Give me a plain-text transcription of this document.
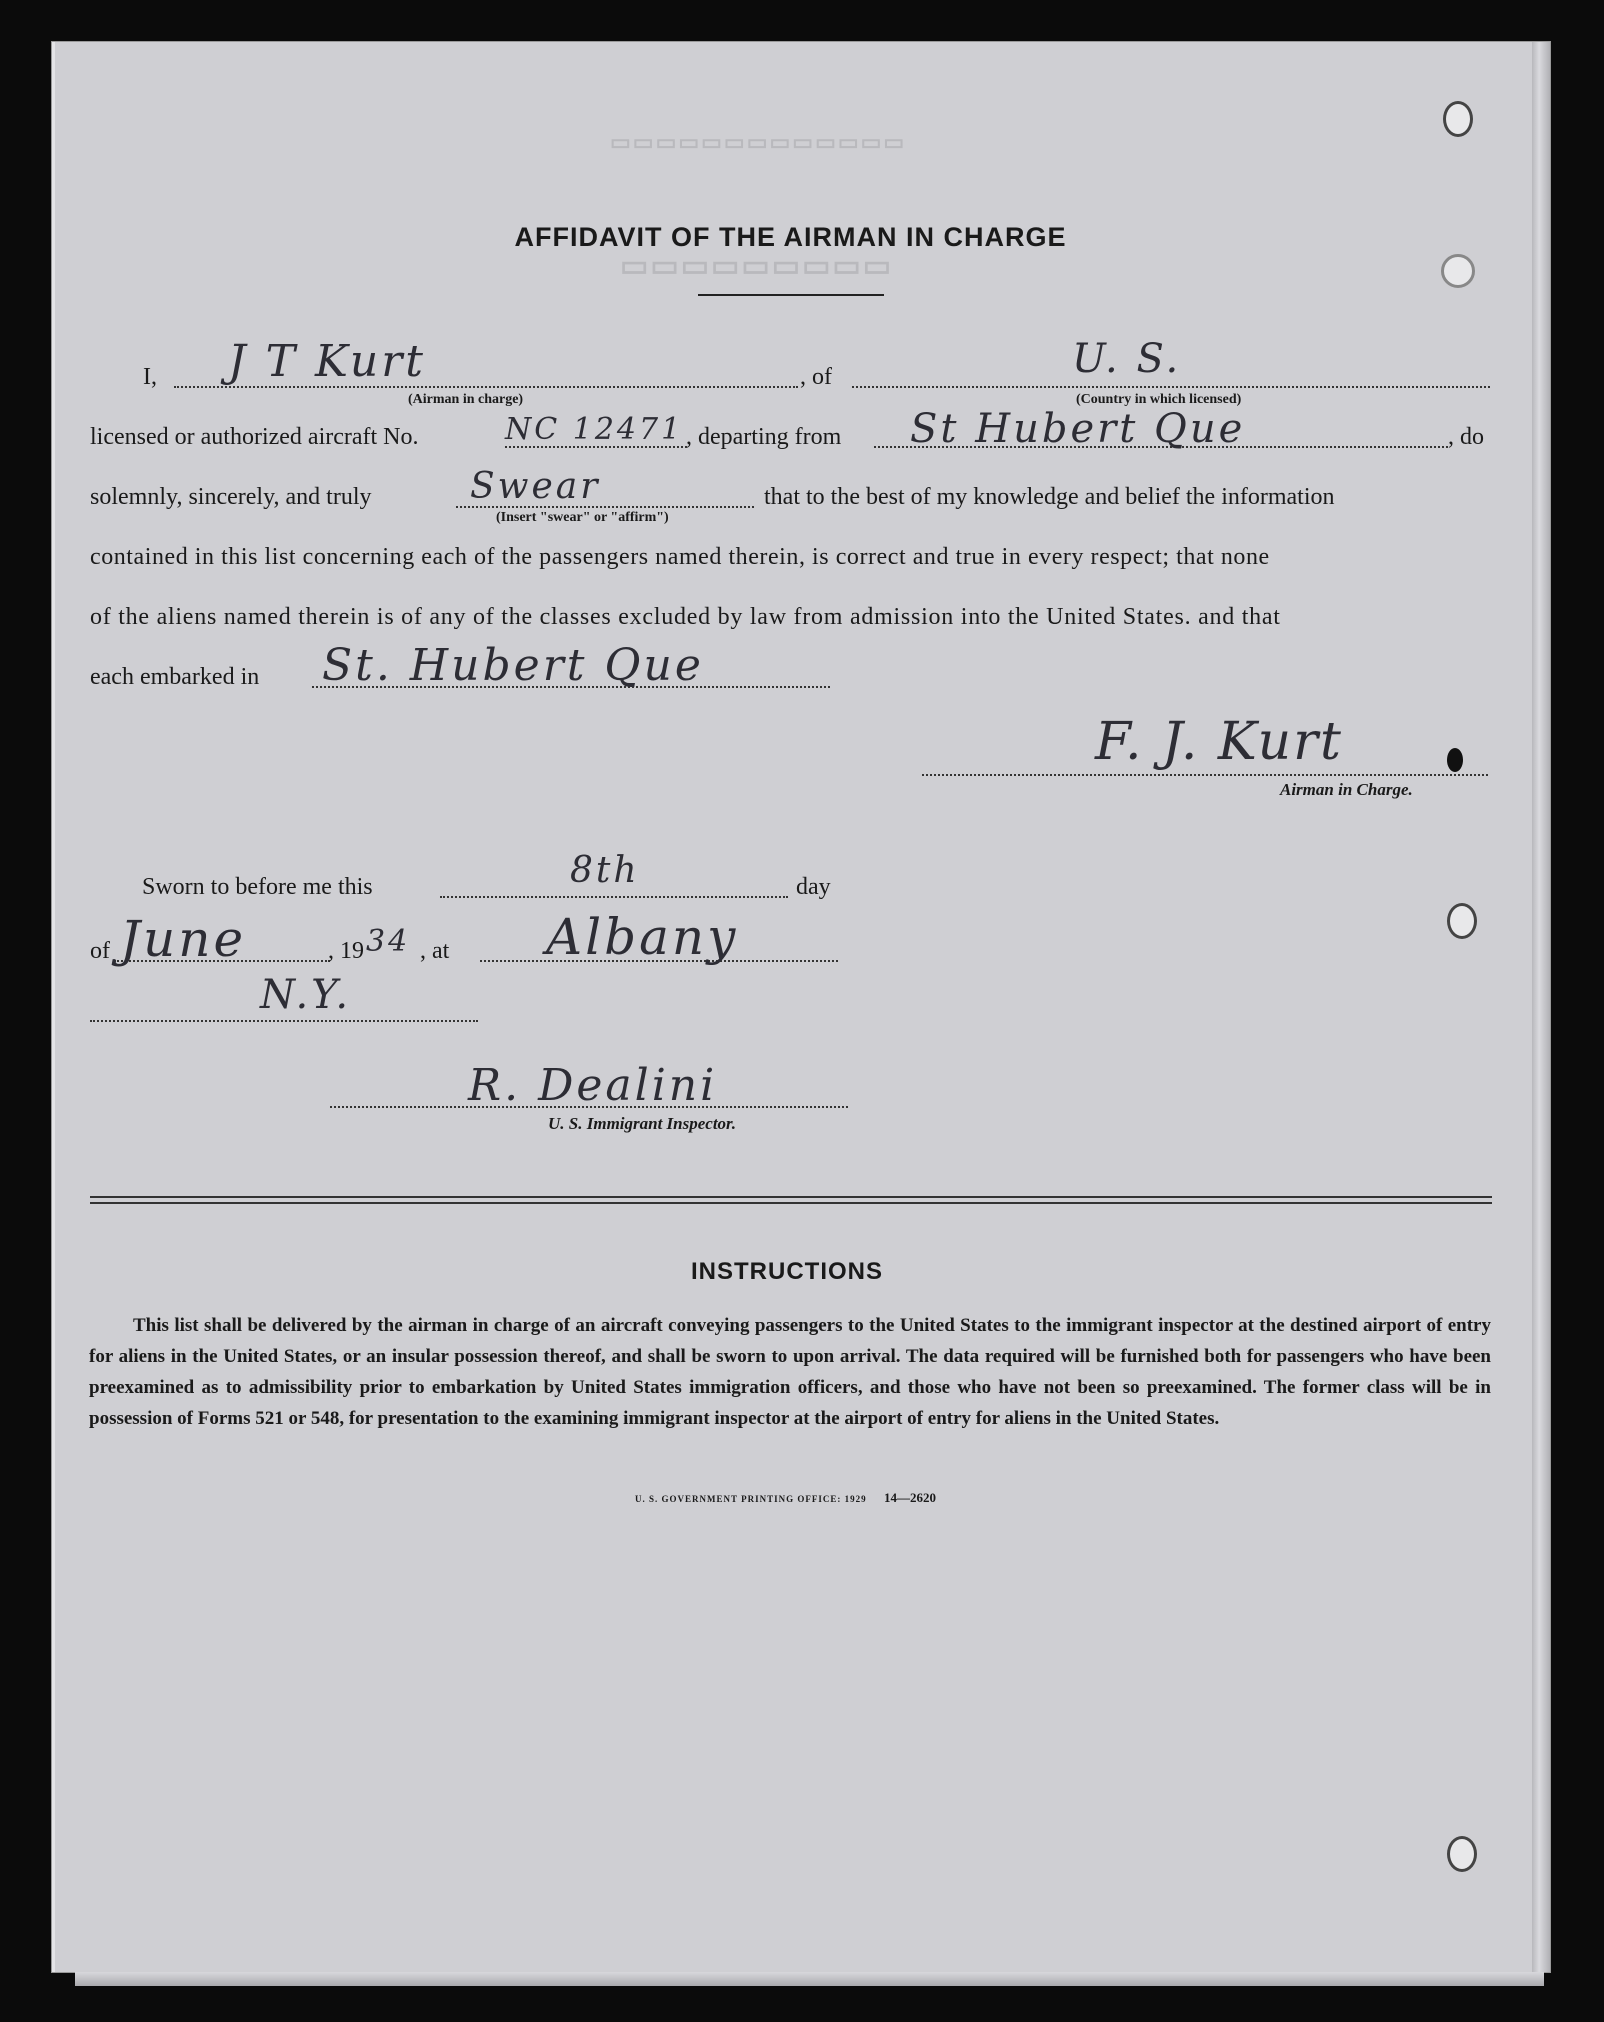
▭▭▭▭▭▭▭▭▭▭▭▭▭
▭▭▭▭▭▭▭▭▭
AFFIDAVIT OF THE AIRMAN IN CHARGE
I, J T Kurt
(Airman in charge)
, of	U. S.
(Country in which licensed)
licensed or authorized aircraft No.	NC 12471 , departing from St Hubert Que	, do
solemnly, sincerely, and truly	Swear
(Insert "swear" or "affirm")
that to the best of my knowledge and belief the information
contained in this list concerning each of the passengers named therein, is correct and true in every respect; that none
of the aliens named therein is of any of the classes excluded by law from admission into the United States. and that
each embarked in St. Hubert Que
F. J. Kurt
Airman in Charge.
Sworn to before me this	8th	day
of June	, 19 34 , at Albany
N.Y.
R. Dealini
U. S. Immigrant Inspector.
INSTRUCTIONS
This list shall be delivered by the airman in charge of an aircraft conveying passengers to the United States to the immigrant inspector at the destined airport of entry for aliens in the United States, or an insular possession thereof, and shall be sworn to upon arrival. The data required will be furnished both for passengers who have been preexamined as to admissibility prior to embarkation by United States immigration officers, and those who have not been so preexamined. The former class will be in possession of Forms 521 or 548, for presentation to the examining immigrant inspector at the airport of entry for aliens in the United States.
U. S. GOVERNMENT PRINTING OFFICE: 1929 14—2620
